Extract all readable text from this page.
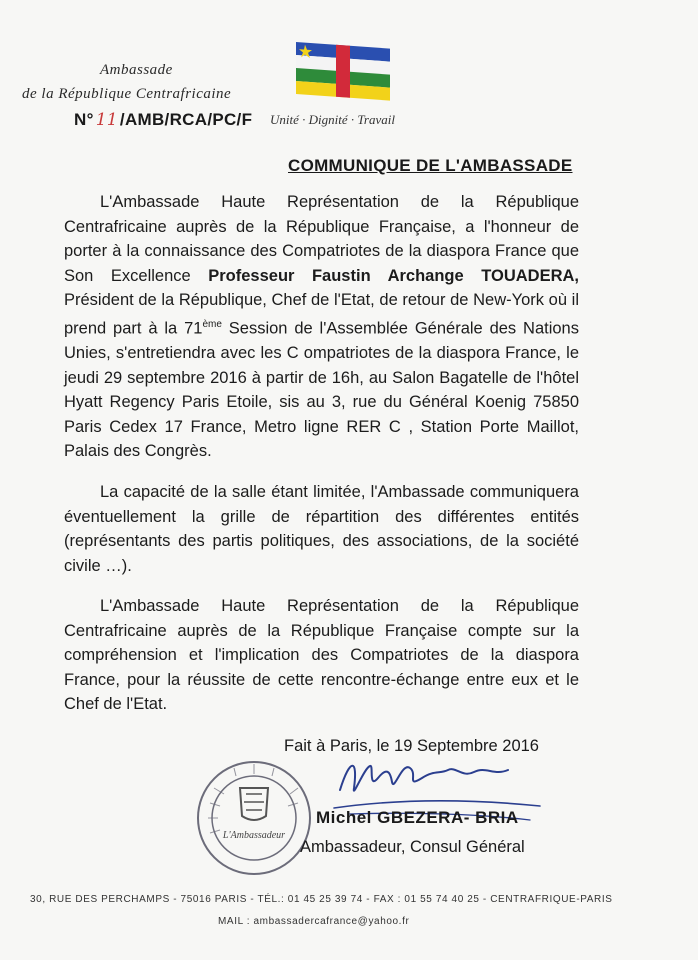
Ambassade
de la République Centrafricaine
N° 11 /AMB/RCA/PC/F Unité · Dignité · Travail
COMMUNIQUE DE L'AMBASSADE
L'Ambassade Haute Représentation de la République Centrafricaine auprès de la République Française, a l'honneur de porter à la connaissance des Compatriotes de la diaspora France que Son Excellence Professeur Faustin Archange TOUADERA, Président de la République, Chef de l'Etat, de retour de New-York où il prend part à la 71ème Session de l'Assemblée Générale des Nations Unies, s'entretiendra avec les C ompatriotes de la diaspora France, le jeudi 29 septembre 2016 à partir de 16h, au Salon Bagatelle de l'hôtel Hyatt Regency Paris Etoile, sis au 3, rue du Général Koenig 75850 Paris Cedex 17 France, Metro ligne RER C , Station Porte Maillot, Palais des Congrès.
La capacité de la salle étant limitée, l'Ambassade communiquera éventuellement la grille de répartition des différentes entités (représentants des partis politiques, des associations, de la société civile …).
L'Ambassade Haute Représentation de la République Centrafricaine auprès de la République Française compte sur la compréhension et l'implication des Compatriotes de la diaspora France, pour la réussite de cette rencontre-échange entre eux et le Chef de l'Etat.
Fait à Paris, le 19 Septembre 2016
L'Ambassadeur
Michel GBEZERA- BRIA
Ambassadeur, Consul Général
30, RUE DES PERCHAMPS - 75016 PARIS - TÉL.: 01 45 25 39 74 - FAX : 01 55 74 40 25 - CENTRAFRIQUE-PARIS
MAIL : ambassadercafrance@yahoo.fr
